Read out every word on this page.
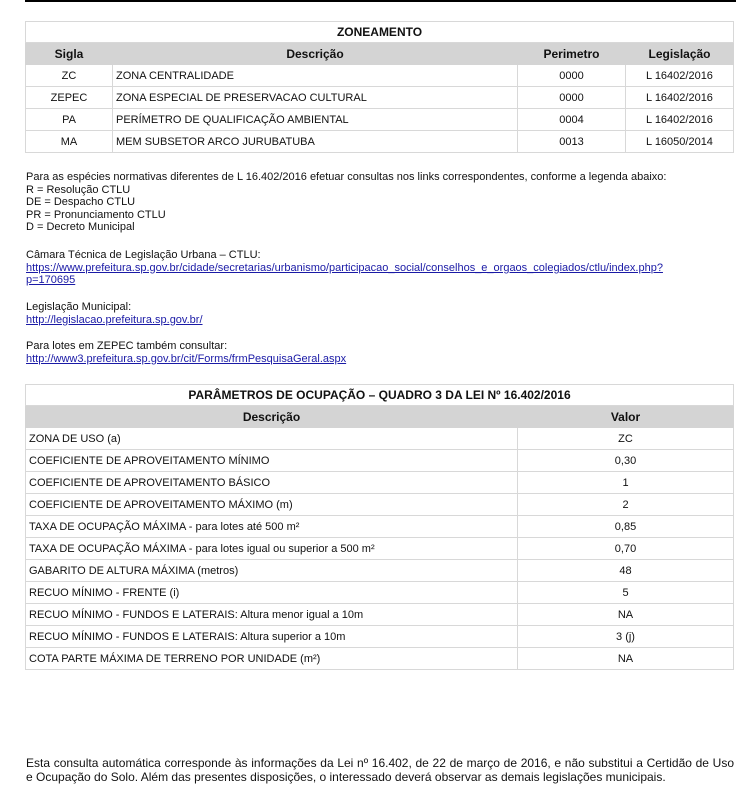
ZONEAMENTO			
Sigla	Descrição	Perimetro	Legislação
ZC	ZONA CENTRALIDADE	0000	L 16402/2016
ZEPEC	ZONA ESPECIAL DE PRESERVACAO CULTURAL	0000	L 16402/2016
PA	PERÍMETRO DE QUALIFICAÇÃO AMBIENTAL	0004	L 16402/2016
MA	MEM SUBSETOR ARCO JURUBATUBA	0013	L 16050/2014
Para as espécies normativas diferentes de L 16.402/2016 efetuar consultas nos links correspondentes, conforme a legenda abaixo:
R = Resolução CTLU
DE = Despacho CTLU
PR = Pronunciamento CTLU
D = Decreto Municipal
Câmara Técnica de Legislação Urbana – CTLU:
https://www.prefeitura.sp.gov.br/cidade/secretarias/urbanismo/participacao_social/conselhos_e_orgaos_colegiados/ctlu/index.php?
p=170695
Legislação Municipal:
http://legislacao.prefeitura.sp.gov.br/
Para lotes em ZEPEC também consultar:
http://www3.prefeitura.sp.gov.br/cit/Forms/frmPesquisaGeral.aspx
PARÂMETROS DE OCUPAÇÃO – QUADRO 3 DA LEI Nº 16.402/2016	
Descrição	Valor
ZONA DE USO (a)	ZC
COEFICIENTE DE APROVEITAMENTO MÍNIMO	0,30
COEFICIENTE DE APROVEITAMENTO BÁSICO	1
COEFICIENTE DE APROVEITAMENTO MÁXIMO (m)	2
TAXA DE OCUPAÇÃO MÁXIMA - para lotes até 500 m²	0,85
TAXA DE OCUPAÇÃO MÁXIMA - para lotes igual ou superior a 500 m²	0,70
GABARITO DE ALTURA MÁXIMA (metros)	48
RECUO MÍNIMO - FRENTE (i)	5
RECUO MÍNIMO - FUNDOS E LATERAIS: Altura menor igual a 10m	NA
RECUO MÍNIMO - FUNDOS E LATERAIS: Altura superior a 10m	3 (j)
COTA PARTE MÁXIMA DE TERRENO POR UNIDADE (m²)	NA
Esta consulta automática corresponde às informações da Lei nº 16.402, de 22 de março de 2016, e não substitui a Certidão de Uso e Ocupação do Solo. Além das presentes disposições, o interessado deverá observar as demais legislações municipais.
